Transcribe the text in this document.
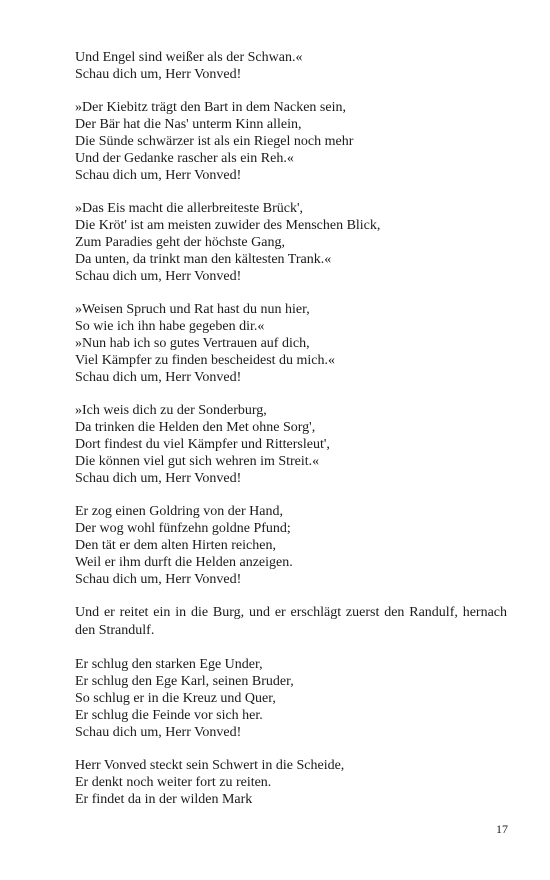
Und Engel sind weißer als der Schwan.«
Schau dich um, Herr Vonved!
»Der Kiebitz trägt den Bart in dem Nacken sein,
Der Bär hat die Nas' unterm Kinn allein,
Die Sünde schwärzer ist als ein Riegel noch mehr
Und der Gedanke rascher als ein Reh.«
Schau dich um, Herr Vonved!
»Das Eis macht die allerbreiteste Brück',
Die Kröt' ist am meisten zuwider des Menschen Blick,
Zum Paradies geht der höchste Gang,
Da unten, da trinkt man den kältesten Trank.«
Schau dich um, Herr Vonved!
»Weisen Spruch und Rat hast du nun hier,
So wie ich ihn habe gegeben dir.«
»Nun hab ich so gutes Vertrauen auf dich,
Viel Kämpfer zu finden bescheidest du mich.«
Schau dich um, Herr Vonved!
»Ich weis dich zu der Sonderburg,
Da trinken die Helden den Met ohne Sorg',
Dort findest du viel Kämpfer und Rittersleut',
Die können viel gut sich wehren im Streit.«
Schau dich um, Herr Vonved!
Er zog einen Goldring von der Hand,
Der wog wohl fünfzehn goldne Pfund;
Den tät er dem alten Hirten reichen,
Weil er ihm durft die Helden anzeigen.
Schau dich um, Herr Vonved!
Und er reitet ein in die Burg, und er erschlägt zuerst den Randulf, hernach den Strandulf.
Er schlug den starken Ege Under,
Er schlug den Ege Karl, seinen Bruder,
So schlug er in die Kreuz und Quer,
Er schlug die Feinde vor sich her.
Schau dich um, Herr Vonved!
Herr Vonved steckt sein Schwert in die Scheide,
Er denkt noch weiter fort zu reiten.
Er findet da in der wilden Mark
17
